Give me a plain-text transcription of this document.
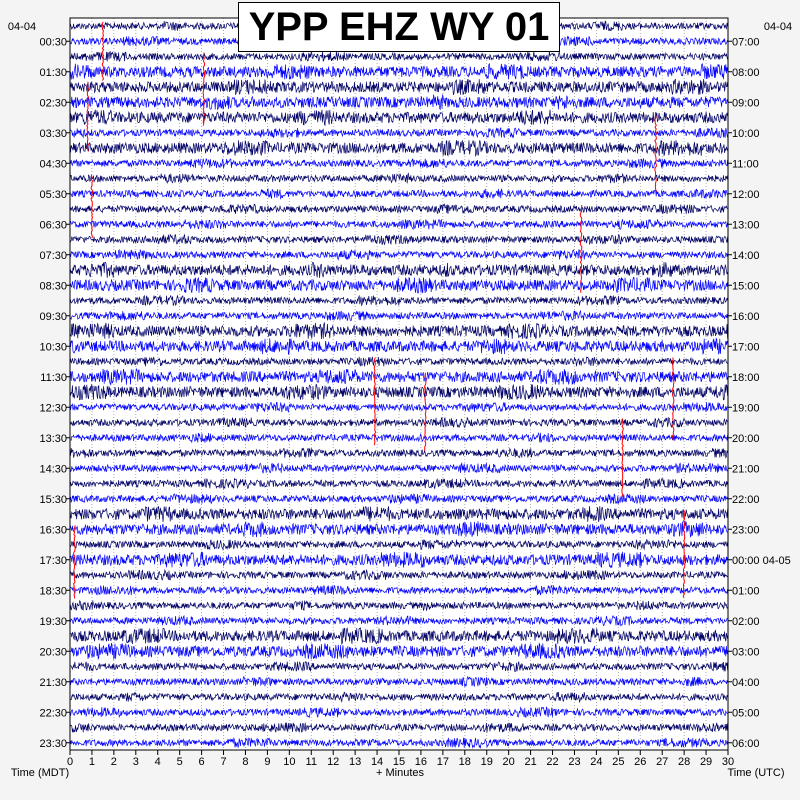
0 1 2 3 4 5 6 7 8 9 10 11 12 13 14 15 16 17 18 19 20 21 22 23 24 25 26 27 28 29 30
+ Minutes
Time (MDT)	Time (UTC)
04-04	04-04
00:30
01:30
02:30
03:30
04:30
05:30
06:30
07:30
08:30
09:30
10:30
11:30
12:30
13:30
14:30
15:30
16:30
17:30
18:30
19:30
20:30
21:30
22:30
23:30
07:00
08:00
09:00
10:00
11:00
12:00
13:00
14:00
15:00
16:00
17:00
18:00
19:00
20:00
21:00
22:00
23:00
00:00 04-05
01:00
02:00
03:00
04:00
05:00
06:00
YPP EHZ WY 01
